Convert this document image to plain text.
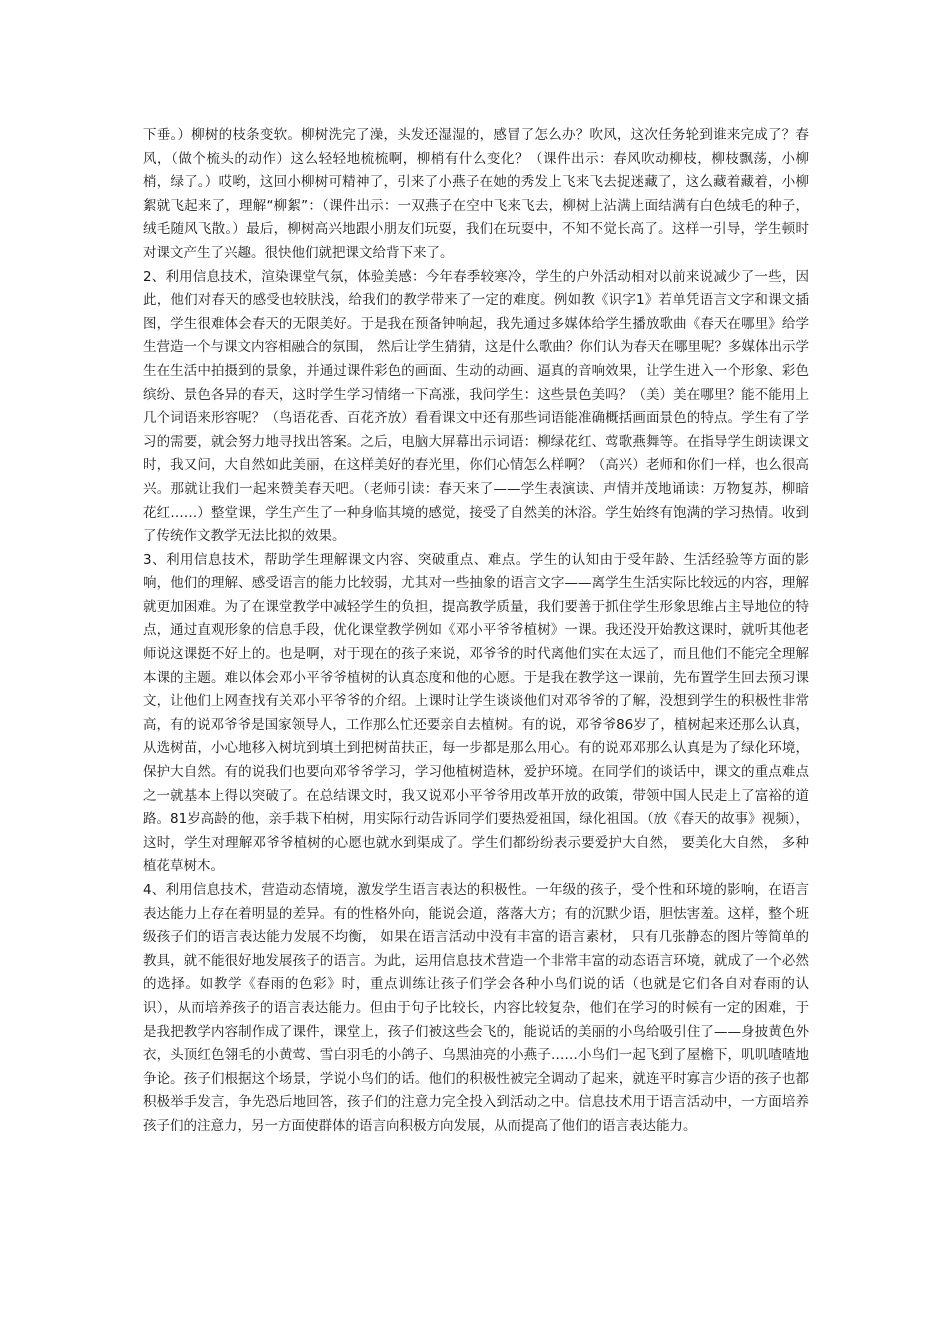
下垂。）柳树的枝条变软。柳树洗完了澡，头发还湿湿的，感冒了怎么办？吹风，这次任务轮到谁来完成了？春风，（做个梳头的动作）这么轻轻地梳梳啊，柳梢有什么变化？（课件出示：春风吹动柳枝，柳枝飘荡，小柳梢，绿了。）哎哟，这回小柳树可精神了，引来了小燕子在她的秀发上飞来飞去捉迷藏了，这么藏着藏着，小柳絮就飞起来了，理解“柳絮”：（课件出示：一双燕子在空中飞来飞去，柳树上沾满上面结满有白色绒毛的种子，绒毛随风飞散。）最后，柳树高兴地跟小朋友们玩耍，我们在玩耍中，不知不觉长高了。这样一引导，学生顿时对课文产生了兴趣。很快他们就把课文给背下来了。

2、利用信息技术，渲染课堂气氛，体验美感：今年春季较寒冷，学生的户外活动相对以前来说减少了一些，因此，他们对春天的感受也较肤浅，给我们的教学带来了一定的难度。例如教《识字1》若单凭语言文字和课文插图，学生很难体会春天的无限美好。于是我在预备钟响起，我先通过多媒体给学生播放歌曲《春天在哪里》给学生营造一个与课文内容相融合的氛围， 然后让学生猜猜，这是什么歌曲？你们认为春天在哪里呢？多媒体出示学生在生活中拍摄到的景象，并通过课件彩色的画面、生动的动画、逼真的音响效果，让学生进入一个形象、彩色缤纷、景色各异的春天，这时学生学习情绪一下高涨，我问学生：这些景色美吗？（美）美在哪里？能不能用上几个词语来形容呢？（鸟语花香、百花齐放）看看课文中还有那些词语能准确概括画面景色的特点。学生有了学习的需要，就会努力地寻找出答案。之后，电脑大屏幕出示词语：柳绿花红、莺歌燕舞等。在指导学生朗读课文时，我又问，大自然如此美丽，在这样美好的春光里，你们心情怎么样啊？（高兴）老师和你们一样，也么很高兴。那就让我们一起来赞美春天吧。（老师引读：春天来了——学生表演读、声情并茂地诵读：万物复苏，柳暗花红……）整堂课，学生产生了一种身临其境的感觉，接受了自然美的沐浴。学生始终有饱满的学习热情。收到了传统作文教学无法比拟的效果。

3、利用信息技术，帮助学生理解课文内容、突破重点、难点。学生的认知由于受年龄、生活经验等方面的影响，他们的理解、感受语言的能力比较弱，尤其对一些抽象的语言文字——离学生生活实际比较远的内容，理解就更加困难。为了在课堂教学中减轻学生的负担，提高教学质量，我们要善于抓住学生形象思维占主导地位的特点，通过直观形象的信息手段，优化课堂教学例如《邓小平爷爷植树》一课。我还没开始教这课时，就听其他老师说这课挺不好上的。也是啊，对于现在的孩子来说，邓爷爷的时代离他们实在太远了，而且他们不能完全理解本课的主题。难以体会邓小平爷爷植树的认真态度和他的心愿。于是我在教学这一课前，先布置学生回去预习课文，让他们上网查找有关邓小平爷爷的介绍。上课时让学生谈谈他们对邓爷爷的了解，没想到学生的积极性非常高，有的说邓爷爷是国家领导人，工作那么忙还要亲自去植树。有的说，邓爷爷86岁了，植树起来还那么认真，从选树苗，小心地移入树坑到填土到把树苗扶正，每一步都是那么用心。有的说邓邓那么认真是为了绿化环境，保护大自然。有的说我们也要向邓爷爷学习，学习他植树造林，爱护环境。在同学们的谈话中，课文的重点难点之一就基本上得以突破了。在总结课文时，我又说邓小平爷爷用改革开放的政策，带领中国人民走上了富裕的道路。81岁高龄的他，亲手栽下柏树，用实际行动告诉同学们要热爱祖国，绿化祖国。（放《春天的故事》视频），这时，学生对理解邓爷爷植树的心愿也就水到渠成了。学生们都纷纷表示要爱护大自然， 要美化大自然， 多种植花草树木。

4、利用信息技术，营造动态情境，激发学生语言表达的积极性。一年级的孩子，受个性和环境的影响，在语言表达能力上存在着明显的差异。有的性格外向，能说会道，落落大方；有的沉默少语，胆怯害羞。这样，整个班级孩子们的语言表达能力发展不均衡， 如果在语言活动中没有丰富的语言素材， 只有几张静态的图片等简单的教具，就不能很好地发展孩子的语言。为此，运用信息技术营造一个非常丰富的动态语言环境，就成了一个必然的选择。如教学《春雨的色彩》时，重点训练让孩子们学会各种小鸟们说的话（也就是它们各自对春雨的认识），从而培养孩子的语言表达能力。但由于句子比较长，内容比较复杂，他们在学习的时候有一定的困难，于是我把教学内容制作成了课件，课堂上，孩子们被这些会飞的，能说话的美丽的小鸟给吸引住了——身披黄色外衣，头顶红色翎毛的小黄莺、雪白羽毛的小鸽子、乌黑油亮的小燕子……小鸟们一起飞到了屋檐下，叽叽喳喳地争论。孩子们根据这个场景，学说小鸟们的话。他们的积极性被完全调动了起来，就连平时寡言少语的孩子也都积极举手发言，争先恐后地回答，孩子们的注意力完全投入到活动之中。信息技术用于语言活动中，一方面培养孩子们的注意力，另一方面使群体的语言向积极方向发展，从而提高了他们的语言表达能力。
